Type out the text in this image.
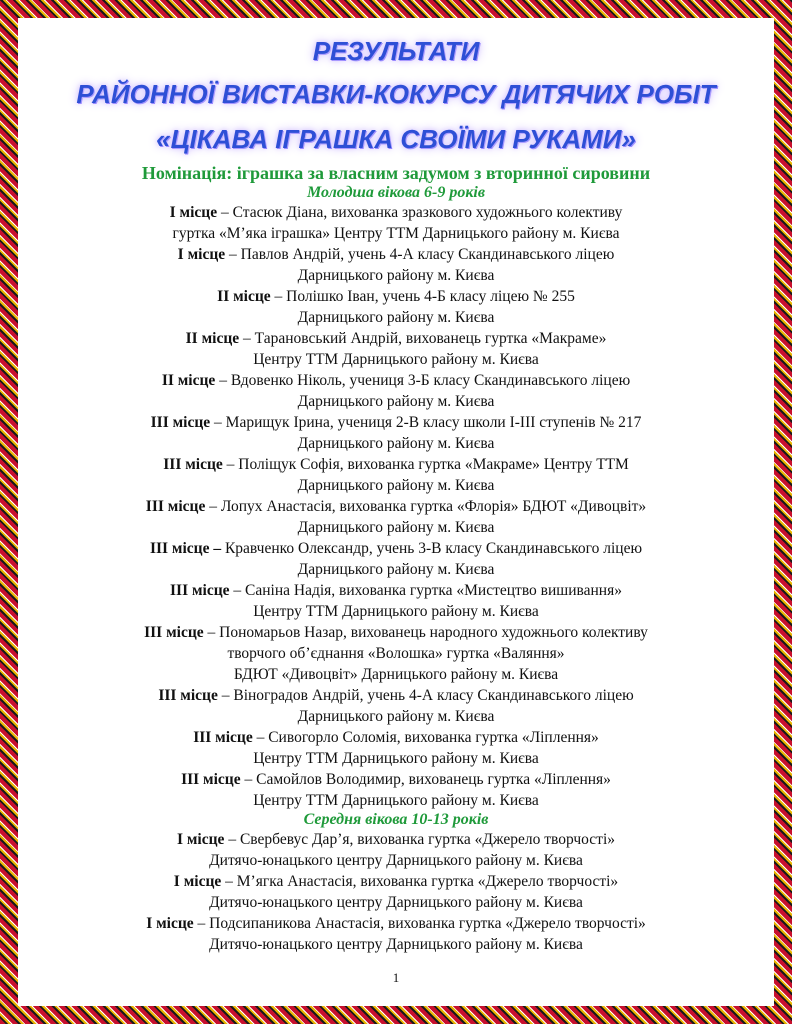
РЕЗУЛЬТАТИ
РАЙОННОЇ ВИСТАВКИ-КОКУРСУ ДИТЯЧИХ РОБІТ
«ЦІКАВА ІГРАШКА СВОЇМИ РУКАМИ»
Номінація: іграшка за власним задумом з вторинної сировини
Молодша вікова 6-9 років
І місце – Стасюк Діана, вихованка зразкового художнього колективу
гуртка «М’яка іграшка» Центру ТТМ Дарницького району м. Києва
І місце – Павлов Андрій, учень 4-А класу Скандинавського ліцею
Дарницького району м. Києва
ІІ місце – Полішко Іван, учень 4-Б класу ліцею № 255
Дарницького району м. Києва
ІІ місце – Тарановський Андрій, вихованець гуртка «Макраме»
Центру ТТМ Дарницького району м. Києва
ІІ місце – Вдовенко Ніколь, учениця 3-Б класу Скандинавського ліцею
Дарницького району м. Києва
ІІІ місце – Марищук Ірина, учениця 2-В класу школи І-ІІІ ступенів № 217
Дарницького району м. Києва
ІІІ місце – Поліщук Софія, вихованка гуртка «Макраме» Центру ТТМ
Дарницького району м. Києва
ІІІ місце – Лопух Анастасія, вихованка гуртка «Флорія» БДЮТ «Дивоцвіт»
Дарницького району м. Києва
ІІІ місце – Кравченко Олександр, учень 3-В класу Скандинавського ліцею
Дарницького району м. Києва
ІІІ місце – Саніна Надія, вихованка гуртка «Мистецтво вишивання»
Центру ТТМ Дарницького району м. Києва
ІІІ місце – Пономарьов Назар, вихованець народного художнього колективу
творчого об’єднання «Волошка» гуртка «Валяння»
БДЮТ «Дивоцвіт» Дарницького району м. Києва
ІІІ місце – Віноградов Андрій, учень 4-А класу Скандинавського ліцею
Дарницького району м. Києва
ІІІ місце – Сивогорло Соломія, вихованка гуртка «Ліплення»
Центру ТТМ Дарницького району м. Києва
ІІІ місце – Самойлов Володимир, вихованець гуртка «Ліплення»
Центру ТТМ Дарницького району м. Києва
Середня вікова 10-13 років
І місце – Свербевус Дар’я, вихованка гуртка «Джерело творчості»
Дитячо-юнацького центру Дарницького району м. Києва
І місце – М’ягка Анастасія, вихованка гуртка «Джерело творчості»
Дитячо-юнацького центру Дарницького району м. Києва
І місце – Подсипаникова Анастасія, вихованка гуртка «Джерело творчості»
Дитячо-юнацького центру Дарницького району м. Києва
1
